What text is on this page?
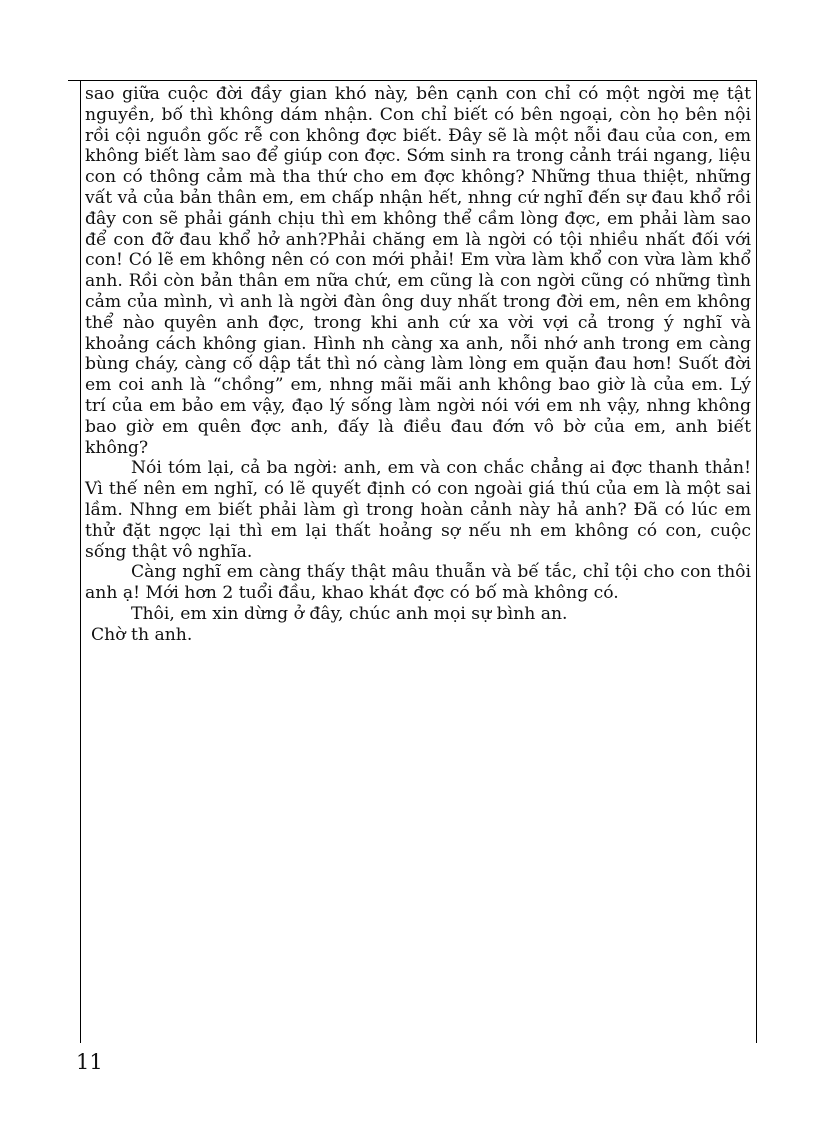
sao giữa cuộc đời đầy gian khó này, bên cạnh con chỉ có một ngời mẹ tật nguyền, bố thì không dám nhận. Con chỉ biết có bên ngoại, còn họ bên nội rồi cội nguồn gốc rễ con không đợc biết. Đây sẽ là một nỗi đau của con, em không biết làm sao để giúp con đợc. Sớm sinh ra trong cảnh trái ngang, liệu con có thông cảm mà tha thứ cho em đợc không? Những thua thiệt, những vất vả của bản thân em, em chấp nhận hết, nhng cứ nghĩ đến sự đau khổ rồi đây con sẽ phải gánh chịu thì em không thể cầm lòng đợc, em phải làm sao để con đỡ đau khổ hở anh?Phải chăng em là ngời có tội nhiều nhất đối với con! Có lẽ em không nên có con mới phải! Em vừa làm khổ con vừa làm khổ anh. Rồi còn bản thân em nữa chứ, em cũng là con ngời cũng có những tình cảm của mình, vì anh là ngời đàn ông duy nhất trong đời em, nên em không thể nào quyên anh đợc, trong khi anh cứ xa vời vợi cả trong ý nghĩ và khoảng cách không gian. Hình nh càng xa anh, nỗi nhớ anh trong em càng bùng cháy, càng cố dập tắt thì nó càng làm lòng em quặn đau hơn! Suốt đời em coi anh là “chồng” em, nhng mãi mãi anh không bao giờ là của em. Lý trí của em bảo em vậy, đạo lý sống làm ngời nói với em nh vậy, nhng không bao giờ em quên đợc anh, đấy là điều đau đớn vô bờ của em, anh biết không?

Nói tóm lại, cả ba ngời: anh, em và con chắc chẳng ai đợc thanh thản! Vì thế nên em nghĩ, có lẽ quyết định có con ngoài giá thú của em là một sai lầm. Nhng em biết phải làm gì trong hoàn cảnh này hả anh? Đã có lúc em thử đặt ngợc lại thì em lại thất hoảng sợ nếu nh em không có con, cuộc sống thật vô nghĩa.

Càng nghĩ em càng thấy thật mâu thuẫn và bế tắc, chỉ tội cho con thôi anh ạ! Mới hơn 2 tuổi đầu, khao khát đợc có bố mà không có.

Thôi, em xin dừng ở đây, chúc anh mọi sự bình an.

Chờ th anh.

11
